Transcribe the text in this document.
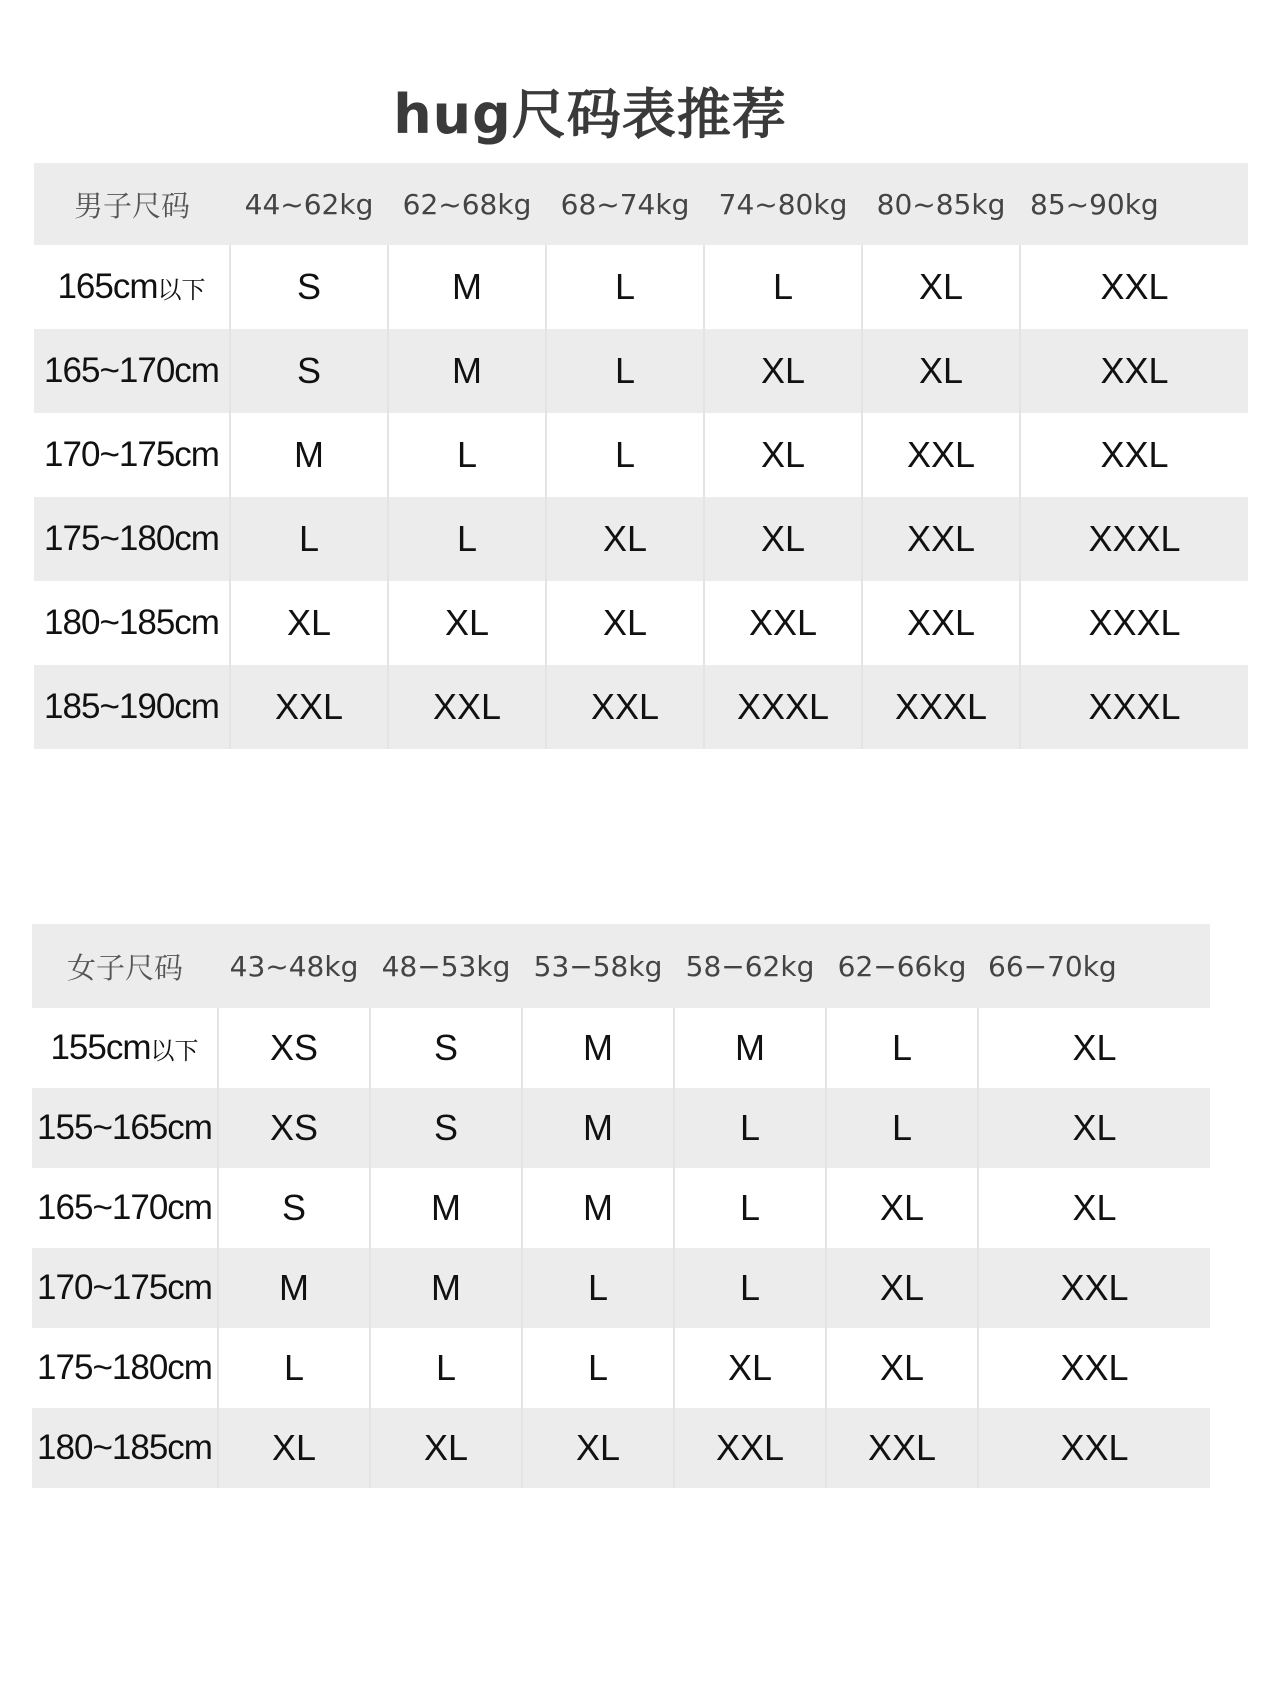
hug尺码表推荐
男子尺码	44~62kg	62~68kg	68~74kg	74~80kg	80~85kg	85~90kg
165cm以下	S	M	L	L	XL	XXL
165~170cm	S	M	L	XL	XL	XXL
170~175cm	M	L	L	XL	XXL	XXL
175~180cm	L	L	XL	XL	XXL	XXXL
180~185cm	XL	XL	XL	XXL	XXL	XXXL
185~190cm	XXL	XXL	XXL	XXXL	XXXL	XXXL
女子尺码	43~48kg	48−53kg	53−58kg	58−62kg	62−66kg	66−70kg
155cm以下	XS	S	M	M	L	XL
155~165cm	XS	S	M	L	L	XL
165~170cm	S	M	M	L	XL	XL
170~175cm	M	M	L	L	XL	XXL
175~180cm	L	L	L	XL	XL	XXL
180~185cm	XL	XL	XL	XXL	XXL	XXL
